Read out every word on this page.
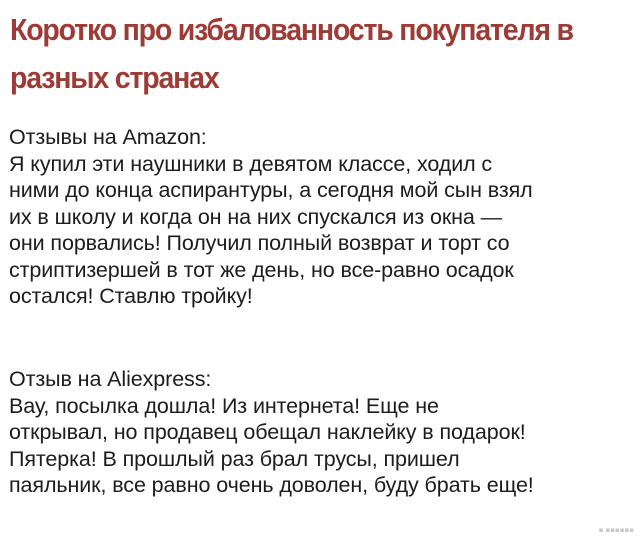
Коротко про избалованность покупателя в
разных странах
Отзывы на Amazon:
Я купил эти наушники в девятом классе, ходил с
ними до конца аспирантуры, а сегодня мой сын взял
их в школу и когда он на них спускался из окна —
они порвались! Получил полный возврат и торт со
стриптизершей в тот же день, но все-равно осадок
остался! Ставлю тройку!
Отзыв на Aliexpress:
Вау, посылка дошла! Из интернета! Еще не
открывал, но продавец обещал наклейку в подарок!
Пятерка! В прошлый раз брал трусы, пришел
паяльник, все равно очень доволен, буду брать еще!
▪ ▪▪▪▪▪▪
